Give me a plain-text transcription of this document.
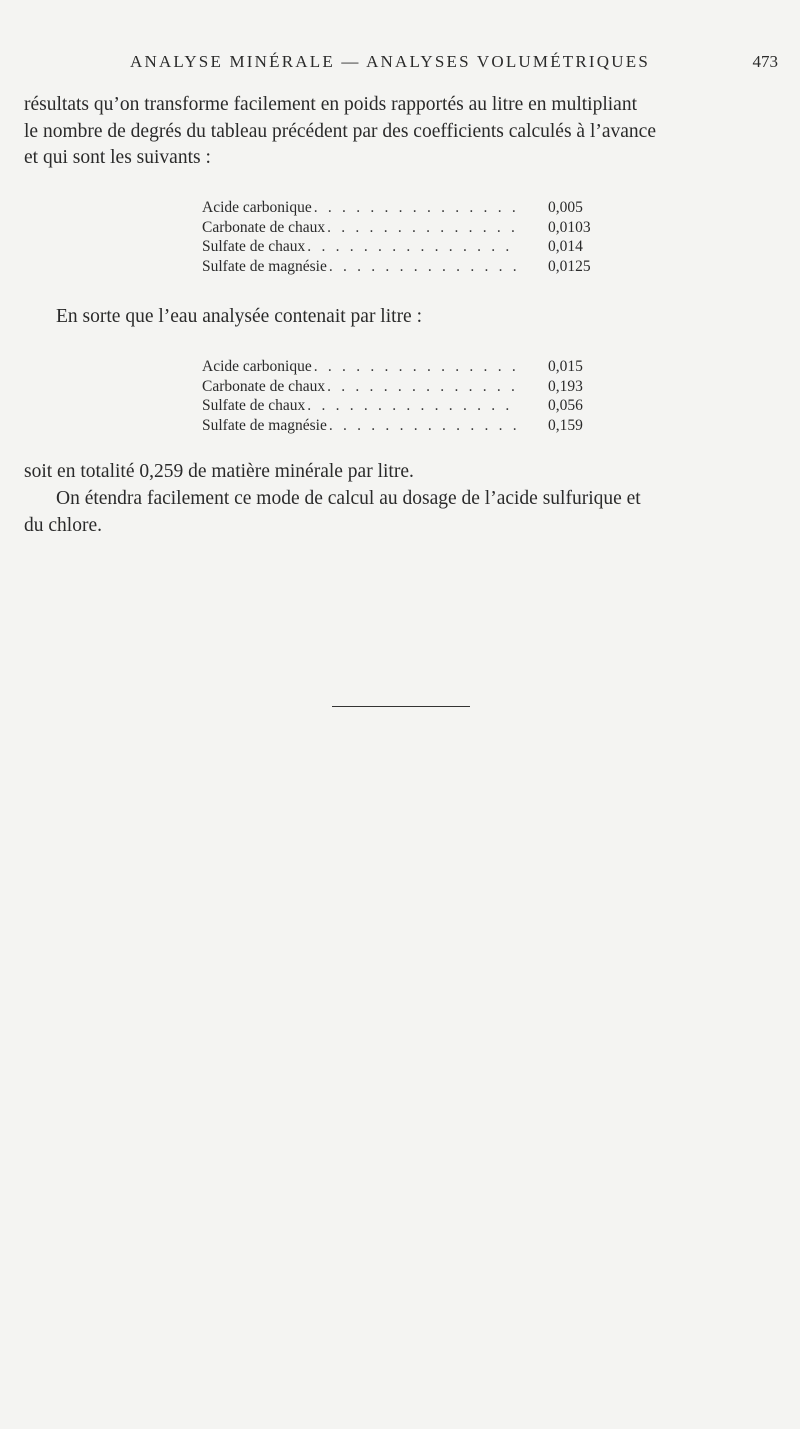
ANALYSE MINÉRALE — ANALYSES VOLUMÉTRIQUES	473
résultats qu’on transforme facilement en poids rapportés au litre en multipliant
le nombre de degrés du tableau précédent par des coefficients calculés à l’avance
et qui sont les suivants :
Acide carbonique . . .	0,005
Carbonate de chaux . . .	0,0103
Sulfate de chaux . . .	0,014
Sulfate de magnésie . . .	0,0125
En sorte que l’eau analysée contenait par litre :
Acide carbonique . . .	0,015
Carbonate de chaux . . .	0,193
Sulfate de chaux . . .	0,056
Sulfate de magnésie . . .	0,159
soit en totalité 0,259 de matière minérale par litre.
On étendra facilement ce mode de calcul au dosage de l’acide sulfurique et
du chlore.
